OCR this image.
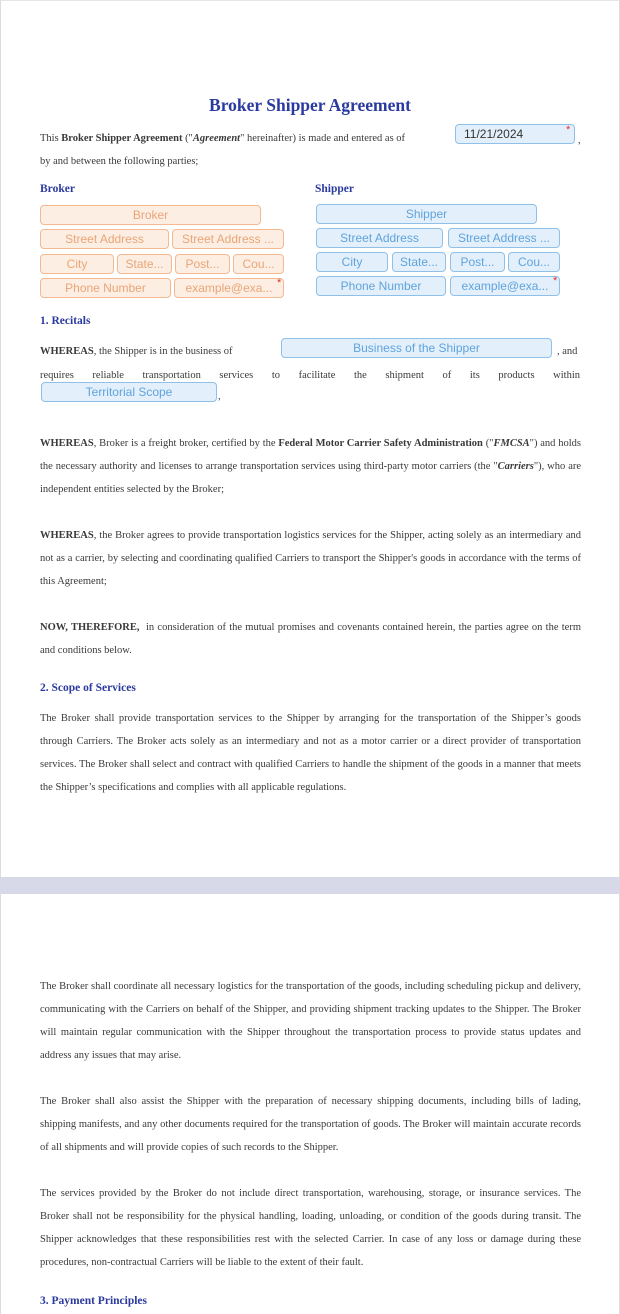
Broker Shipper Agreement
This Broker Shipper Agreement ("Agreement" hereinafter) is made and entered as of	11/21/2024	*
,
by and between the following parties;
Broker	Shipper
Broker
Street Address	Street Address ...
City	State...	Post...	Cou...
Phone Number	example@exa... *
Shipper
Street Address	Street Address ...
City	State...	Post...	Cou...
Phone Number	example@exa... *
1. Recitals
WHEREAS, the Shipper is in the business of	Business of the Shipper	, and
requires reliable transportation services to facilitate the shipment of its products within
Territorial Scope	,
WHEREAS, Broker is a freight broker, certified by the Federal Motor Carrier Safety Administration ("FMCSA") and holds the necessary authority and licenses to arrange transportation services using third-party motor carriers (the "Carriers"), who are independent entities selected by the Broker;
WHEREAS, the Broker agrees to provide transportation logistics services for the Shipper, acting solely as an intermediary and not as a carrier, by selecting and coordinating qualified Carriers to transport the Shipper's goods in accordance with the terms of this Agreement;
NOW, THEREFORE,  in consideration of the mutual promises and covenants contained herein, the parties agree on the term and conditions below.
2. Scope of Services
The Broker shall provide transportation services to the Shipper by arranging for the transportation of the Shipper’s goods through Carriers. The Broker acts solely as an intermediary and not as a motor carrier or a direct provider of transportation services. The Broker shall select and contract with qualified Carriers to handle the shipment of the goods in a manner that meets the Shipper’s specifications and complies with all applicable regulations.
The Broker shall coordinate all necessary logistics for the transportation of the goods, including scheduling pickup and delivery, communicating with the Carriers on behalf of the Shipper, and providing shipment tracking updates to the Shipper. The Broker will maintain regular communication with the Shipper throughout the transportation process to provide status updates and address any issues that may arise.
The Broker shall also assist the Shipper with the preparation of necessary shipping documents, including bills of lading, shipping manifests, and any other documents required for the transportation of goods. The Broker will maintain accurate records of all shipments and will provide copies of such records to the Shipper.
The services provided by the Broker do not include direct transportation, warehousing, storage, or insurance services. The Broker shall not be responsibility for the physical handling, loading, unloading, or condition of the goods during transit. The Shipper acknowledges that these responsibilities rest with the selected Carrier. In case of any loss or damage during these procedures, non-contractual Carriers will be liable to the extent of their fault.
3. Payment Principles
